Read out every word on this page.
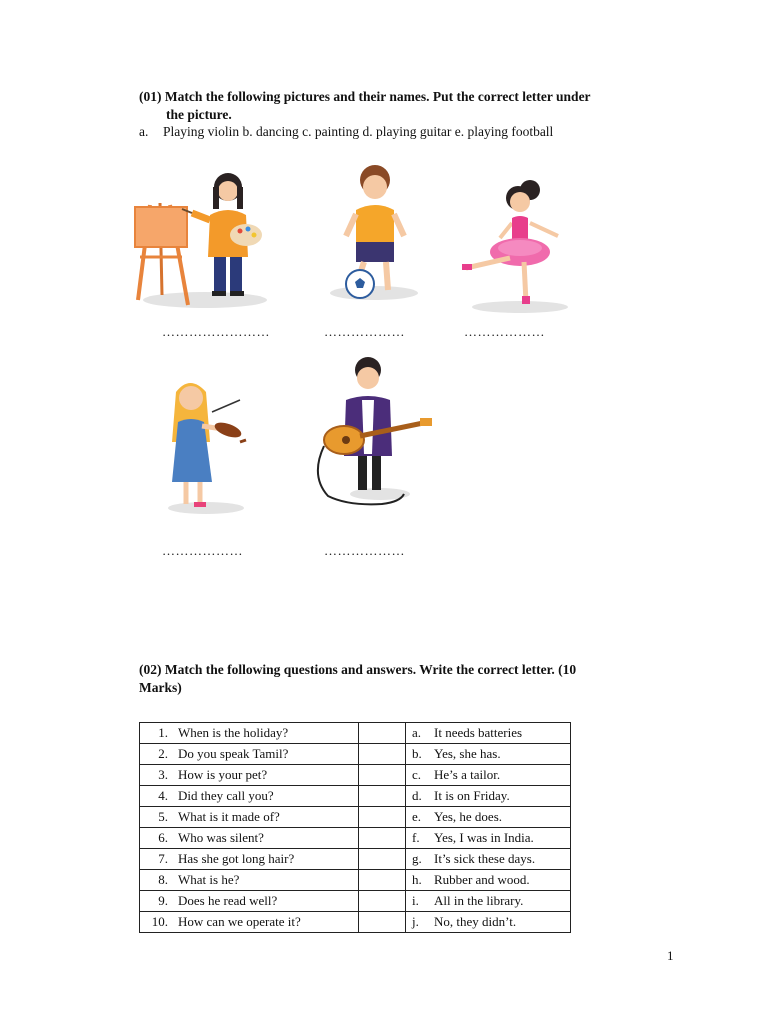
(01) Match the following pictures and their names. Put the correct letter under
the picture.
a. Playing violin b. dancing c. painting d. playing guitar e. playing football
……………………	………………	………………
………………	………………
(02) Match the following questions and answers. Write the correct letter. (10
Marks)
1. When is the holiday?		a. It needs batteries
2. Do you speak Tamil?		b. Yes, she has.
3. How is your pet?		c. He’s a tailor.
4. Did they call you?		d. It is on Friday.
5. What is it made of?		e. Yes, he does.
6. Who was silent?		f. Yes, I was in India.
7. Has she got long hair?		g. It’s sick these days.
8. What is he?		h. Rubber and wood.
9. Does he read well?		i. All in the library.
10. How can we operate it?		j. No, they didn’t.
1
